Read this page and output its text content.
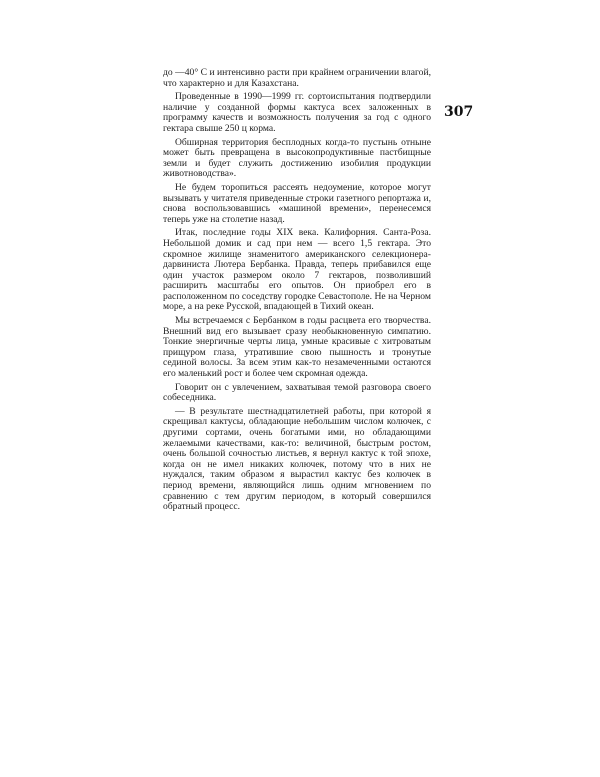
307

до —40° С и интенсивно расти при крайнем ограничении влагой, что характерно и для Казахстана.

Проведенные в 1990—1999 гг. сортоиспытания подтвердили наличие у созданной формы кактуса всех заложенных в программу качеств и возможность получения за год с одного гектара свыше 250 ц корма.

Обширная территория бесплодных когда-то пустынь отныне может быть превращена в высокопродуктивные пастбищные земли и будет служить достижению изобилия продукции животноводства».

Не будем торопиться рассеять недоумение, которое могут вызывать у читателя приведенные строки газетного репортажа и, снова воспользовавшись «машиной времени», перенесемся теперь уже на столетие назад.

Итак, последние годы XIX века. Калифорния. Санта-Роза. Небольшой домик и сад при нем — всего 1,5 гектара. Это скромное жилище знаменитого американского селекционера-дарвиниста Лютера Бербанка. Правда, теперь прибавился еще один участок размером около 7 гектаров, позволивший расширить масштабы его опытов. Он приобрел его в расположенном по соседству городке Севастополе. Не на Черном море, а на реке Русской, впадающей в Тихий океан.

Мы встречаемся с Бербанком в годы расцвета его творчества. Внешний вид его вызывает сразу необыкновенную симпатию. Тонкие энергичные черты лица, умные красивые с хитроватым прищуром глаза, утратившие свою пышность и тронутые сединой волосы. За всем этим как-то незамеченными остаются его маленький рост и более чем скромная одежда.

Говорит он с увлечением, захватывая темой разговора своего собеседника.

— В результате шестнадцатилетней работы, при которой я скрещивал кактусы, обладающие небольшим числом колючек, с другими сортами, очень богатыми ими, но обладающими желаемыми качествами, как-то: величиной, быстрым ростом, очень большой сочностью листьев, я вернул кактус к той эпохе, когда он не имел никаких колючек, потому что в них не нуждался, таким образом я вырастил кактус без колючек в период времени, являющийся лишь одним мгновением по сравнению с тем другим периодом, в который совершился обратный процесс.
